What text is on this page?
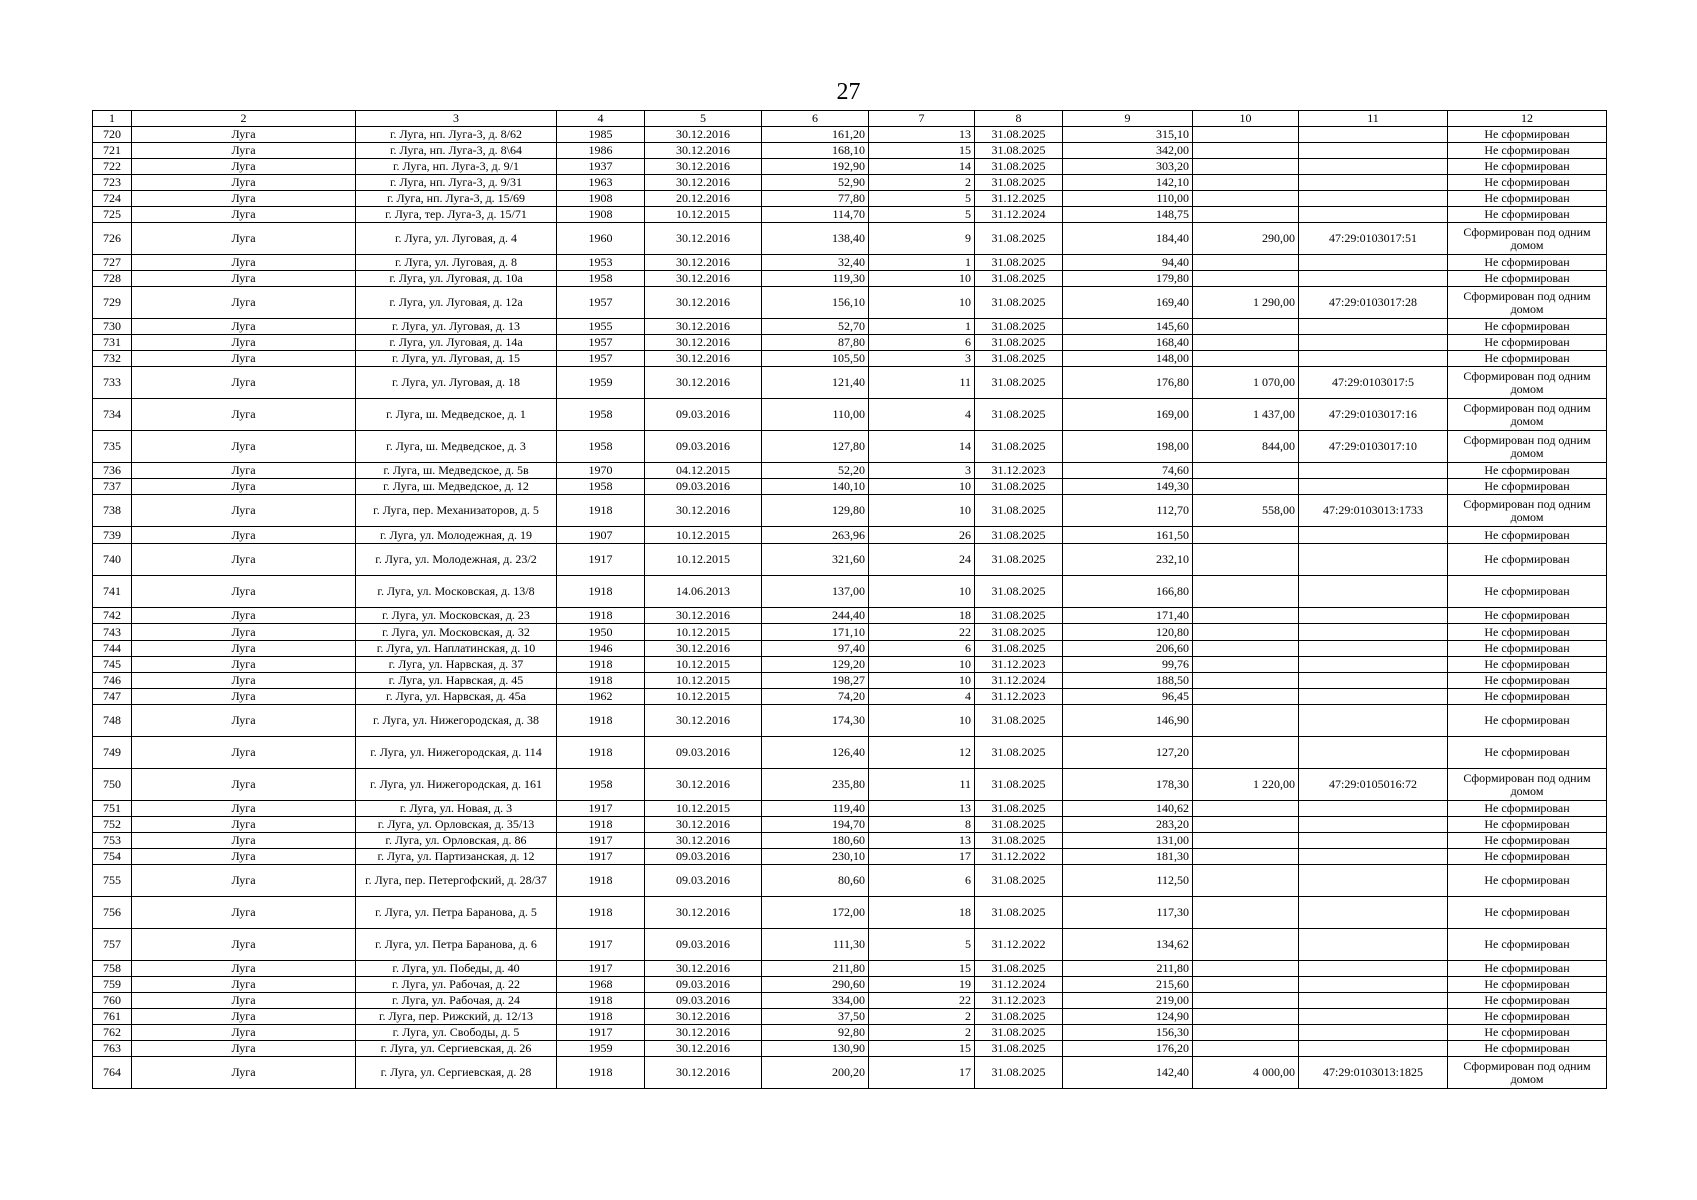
27
1	2	3	4	5	6	7	8	9	10	11	12
720	Луга	г. Луга, нп. Луга-3, д. 8/62	1985	30.12.2016	161,20	13	31.08.2025	315,10			Не сформирован
721	Луга	г. Луга, нп. Луга-3, д. 8\64	1986	30.12.2016	168,10	15	31.08.2025	342,00			Не сформирован
722	Луга	г. Луга, нп. Луга-3, д. 9/1	1937	30.12.2016	192,90	14	31.08.2025	303,20			Не сформирован
723	Луга	г. Луга, нп. Луга-3, д. 9/31	1963	30.12.2016	52,90	2	31.08.2025	142,10			Не сформирован
724	Луга	г. Луга, нп. Луга-3, д. 15/69	1908	20.12.2016	77,80	5	31.12.2025	110,00			Не сформирован
725	Луга	г. Луга, тер. Луга-3, д. 15/71	1908	10.12.2015	114,70	5	31.12.2024	148,75			Не сформирован
726	Луга	г. Луга, ул. Луговая, д. 4	1960	30.12.2016	138,40	9	31.08.2025	184,40	290,00	47:29:0103017:51	Сформирован под одним домом
727	Луга	г. Луга, ул. Луговая, д. 8	1953	30.12.2016	32,40	1	31.08.2025	94,40			Не сформирован
728	Луга	г. Луга, ул. Луговая, д. 10а	1958	30.12.2016	119,30	10	31.08.2025	179,80			Не сформирован
729	Луга	г. Луга, ул. Луговая, д. 12а	1957	30.12.2016	156,10	10	31.08.2025	169,40	1 290,00	47:29:0103017:28	Сформирован под одним домом
730	Луга	г. Луга, ул. Луговая, д. 13	1955	30.12.2016	52,70	1	31.08.2025	145,60			Не сформирован
731	Луга	г. Луга, ул. Луговая, д. 14а	1957	30.12.2016	87,80	6	31.08.2025	168,40			Не сформирован
732	Луга	г. Луга, ул. Луговая, д. 15	1957	30.12.2016	105,50	3	31.08.2025	148,00			Не сформирован
733	Луга	г. Луга, ул. Луговая, д. 18	1959	30.12.2016	121,40	11	31.08.2025	176,80	1 070,00	47:29:0103017:5	Сформирован под одним домом
734	Луга	г. Луга, ш. Медведское, д. 1	1958	09.03.2016	110,00	4	31.08.2025	169,00	1 437,00	47:29:0103017:16	Сформирован под одним домом
735	Луга	г. Луга, ш. Медведское, д. 3	1958	09.03.2016	127,80	14	31.08.2025	198,00	844,00	47:29:0103017:10	Сформирован под одним домом
736	Луга	г. Луга, ш. Медведское, д. 5в	1970	04.12.2015	52,20	3	31.12.2023	74,60			Не сформирован
737	Луга	г. Луга, ш. Медведское, д. 12	1958	09.03.2016	140,10	10	31.08.2025	149,30			Не сформирован
738	Луга	г. Луга, пер. Механизаторов, д. 5	1918	30.12.2016	129,80	10	31.08.2025	112,70	558,00	47:29:0103013:1733	Сформирован под одним домом
739	Луга	г. Луга, ул. Молодежная, д. 19	1907	10.12.2015	263,96	26	31.08.2025	161,50			Не сформирован
740	Луга	г. Луга, ул. Молодежная, д. 23/2	1917	10.12.2015	321,60	24	31.08.2025	232,10			Не сформирован
741	Луга	г. Луга, ул. Московская, д. 13/8	1918	14.06.2013	137,00	10	31.08.2025	166,80			Не сформирован
742	Луга	г. Луга, ул. Московская, д. 23	1918	30.12.2016	244,40	18	31.08.2025	171,40			Не сформирован
743	Луга	г. Луга, ул. Московская, д. 32	1950	10.12.2015	171,10	22	31.08.2025	120,80			Не сформирован
744	Луга	г. Луга, ул. Наплатинская, д. 10	1946	30.12.2016	97,40	6	31.08.2025	206,60			Не сформирован
745	Луга	г. Луга, ул. Нарвская, д. 37	1918	10.12.2015	129,20	10	31.12.2023	99,76			Не сформирован
746	Луга	г. Луга, ул. Нарвская, д. 45	1918	10.12.2015	198,27	10	31.12.2024	188,50			Не сформирован
747	Луга	г. Луга, ул. Нарвская, д. 45а	1962	10.12.2015	74,20	4	31.12.2023	96,45			Не сформирован
748	Луга	г. Луга, ул. Нижегородская, д. 38	1918	30.12.2016	174,30	10	31.08.2025	146,90			Не сформирован
749	Луга	г. Луга, ул. Нижегородская, д. 114	1918	09.03.2016	126,40	12	31.08.2025	127,20			Не сформирован
750	Луга	г. Луга, ул. Нижегородская, д. 161	1958	30.12.2016	235,80	11	31.08.2025	178,30	1 220,00	47:29:0105016:72	Сформирован под одним домом
751	Луга	г. Луга, ул. Новая, д. 3	1917	10.12.2015	119,40	13	31.08.2025	140,62			Не сформирован
752	Луга	г. Луга, ул. Орловская, д. 35/13	1918	30.12.2016	194,70	8	31.08.2025	283,20			Не сформирован
753	Луга	г. Луга, ул. Орловская, д. 86	1917	30.12.2016	180,60	13	31.08.2025	131,00			Не сформирован
754	Луга	г. Луга, ул. Партизанская, д. 12	1917	09.03.2016	230,10	17	31.12.2022	181,30			Не сформирован
755	Луга	г. Луга, пер. Петергофский, д. 28/37	1918	09.03.2016	80,60	6	31.08.2025	112,50			Не сформирован
756	Луга	г. Луга, ул. Петра Баранова, д. 5	1918	30.12.2016	172,00	18	31.08.2025	117,30			Не сформирован
757	Луга	г. Луга, ул. Петра Баранова, д. 6	1917	09.03.2016	111,30	5	31.12.2022	134,62			Не сформирован
758	Луга	г. Луга, ул. Победы, д. 40	1917	30.12.2016	211,80	15	31.08.2025	211,80			Не сформирован
759	Луга	г. Луга, ул. Рабочая, д. 22	1968	09.03.2016	290,60	19	31.12.2024	215,60			Не сформирован
760	Луга	г. Луга, ул. Рабочая, д. 24	1918	09.03.2016	334,00	22	31.12.2023	219,00			Не сформирован
761	Луга	г. Луга, пер. Рижский, д. 12/13	1918	30.12.2016	37,50	2	31.08.2025	124,90			Не сформирован
762	Луга	г. Луга, ул. Свободы, д. 5	1917	30.12.2016	92,80	2	31.08.2025	156,30			Не сформирован
763	Луга	г. Луга, ул. Сергиевская, д. 26	1959	30.12.2016	130,90	15	31.08.2025	176,20			Не сформирован
764	Луга	г. Луга, ул. Сергиевская, д. 28	1918	30.12.2016	200,20	17	31.08.2025	142,40	4 000,00	47:29:0103013:1825	Сформирован под одним домом
